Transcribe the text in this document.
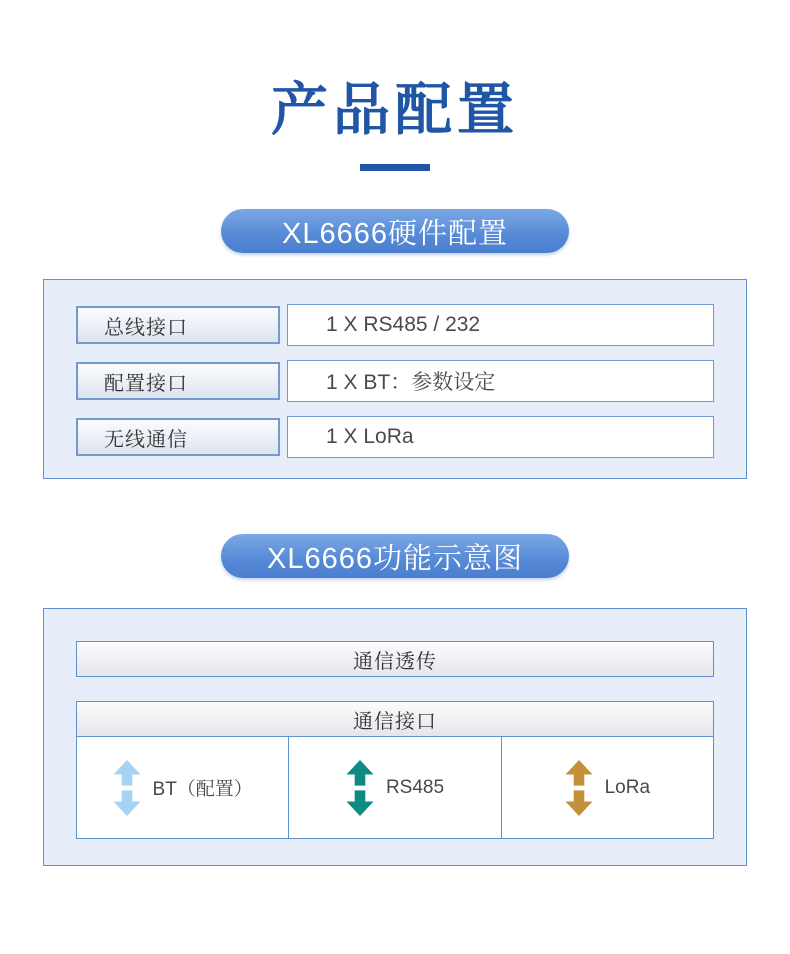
产品配置
XL6666硬件配置
总线接口	1 X RS485 / 232
配置接口	1 X BT：参数设定
无线通信	1 X LoRa
XL6666功能示意图
通信透传
通信接口
BT（配置）	RS485	LoRa
